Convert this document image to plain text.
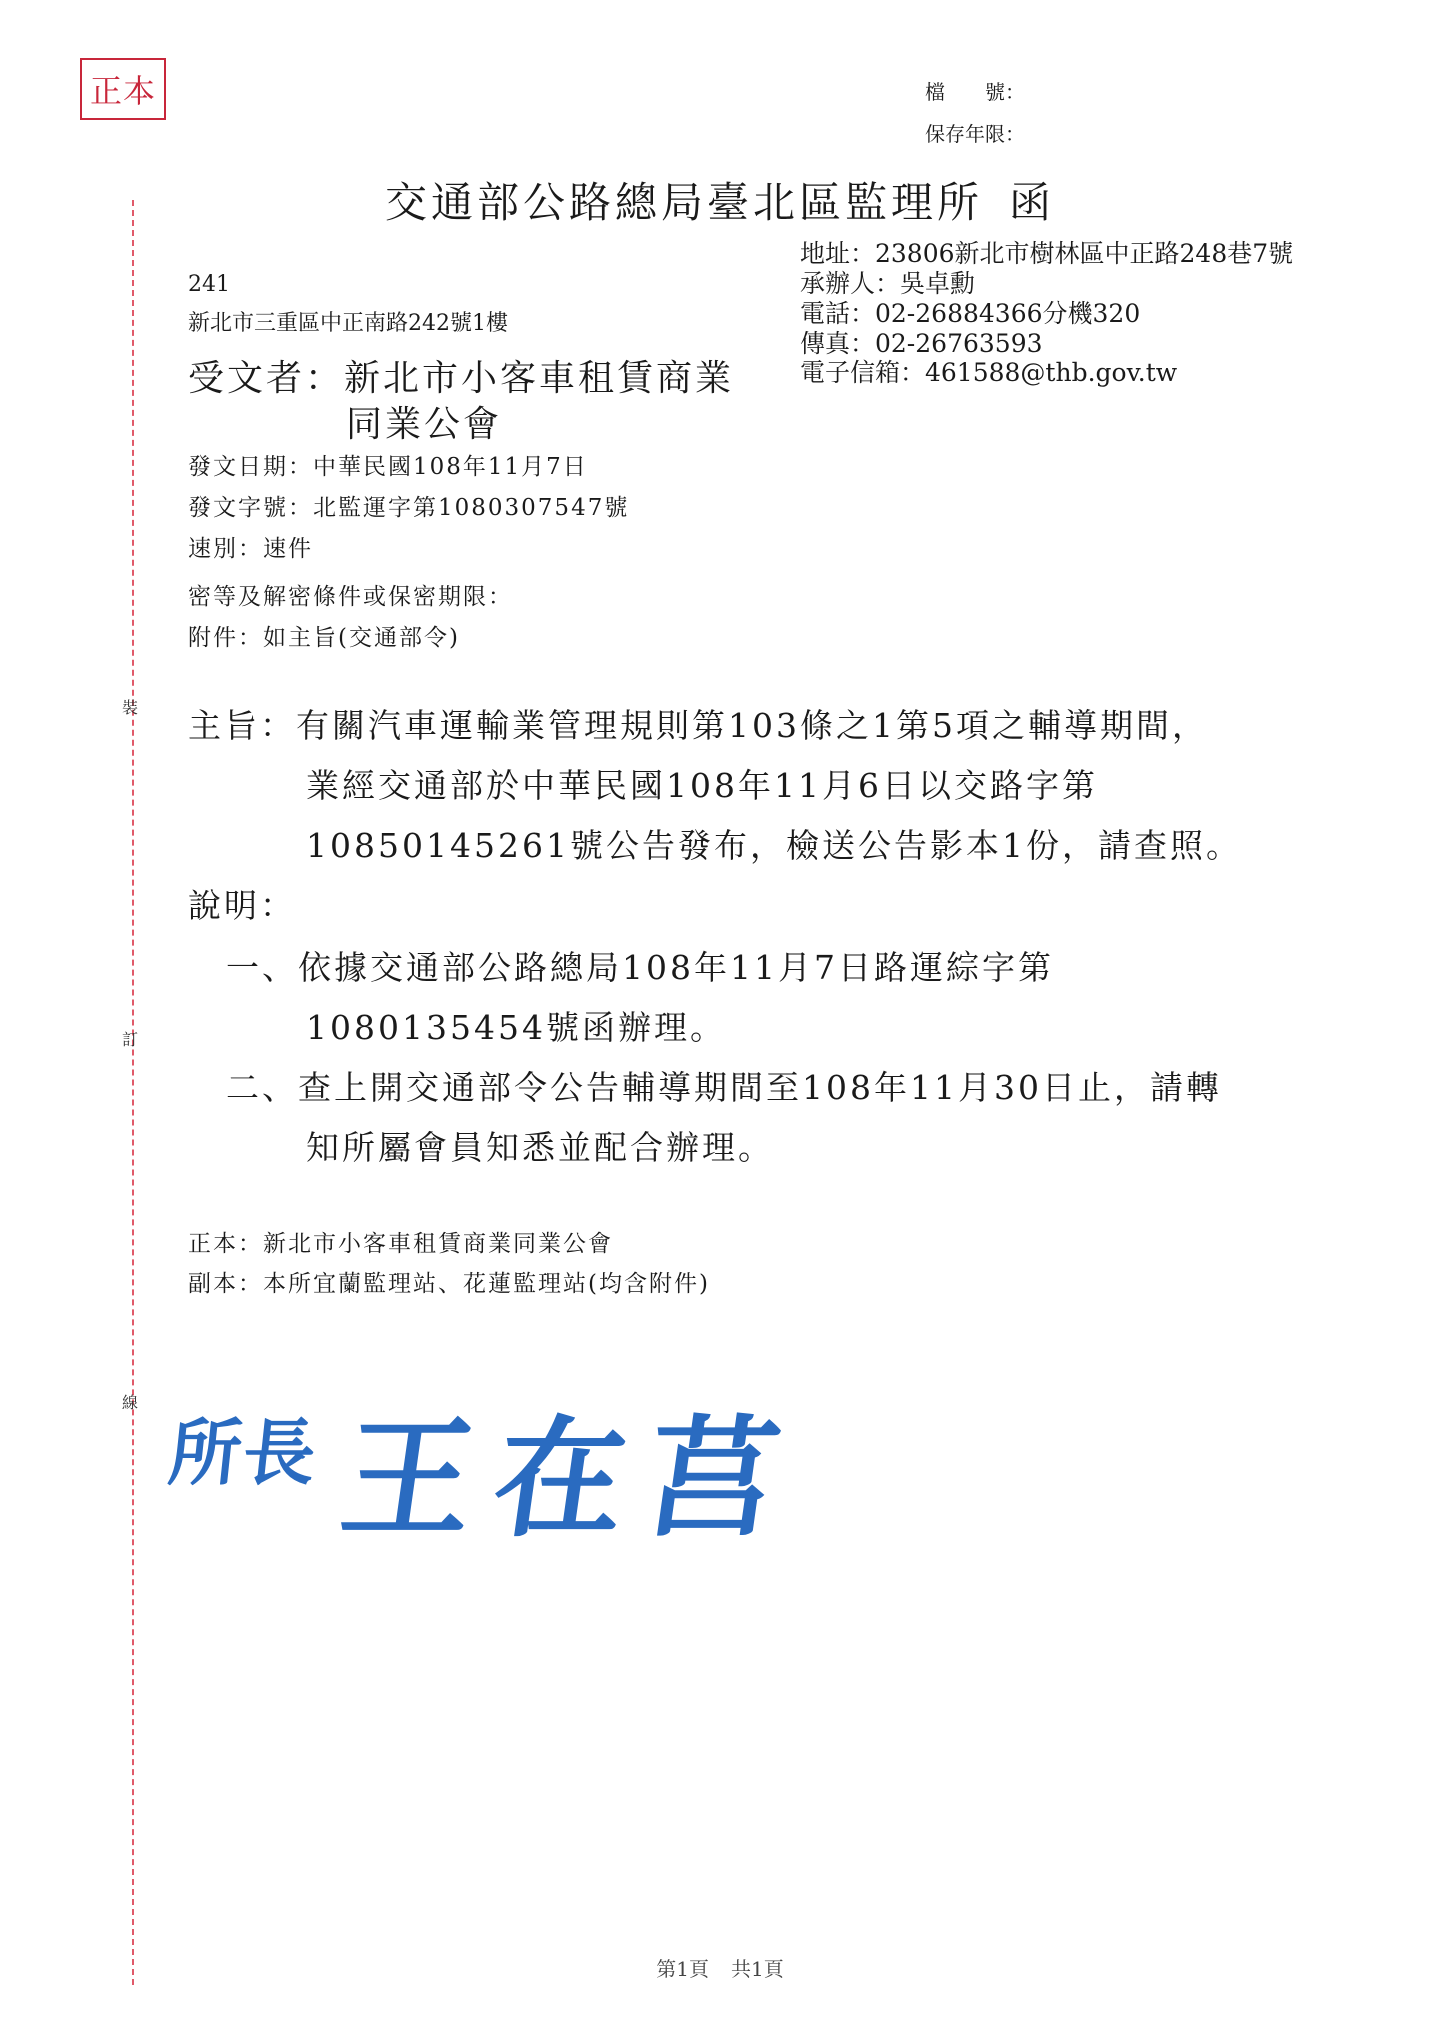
正本	檔　　號：
保存年限：
裝
訂
線
交通部公路總局臺北區監理所 函
地址：23806新北市樹林區中正路248巷7號
承辦人：吳卓勳
電話：02-26884366分機320
傳真：02-26763593
電子信箱：461588@thb.gov.tw
241
新北市三重區中正南路242號1樓
受文者：新北市小客車租賃商業
同業公會
發文日期：中華民國108年11月7日
發文字號：北監運字第1080307547號
速別：速件
密等及解密條件或保密期限：
附件：如主旨(交通部令)
主旨：有關汽車運輸業管理規則第103條之1第5項之輔導期間，
業經交通部於中華民國108年11月6日以交路字第
10850145261號公告發布，檢送公告影本1份，請查照。
說明：
一、依據交通部公路總局108年11月7日路運綜字第
1080135454號函辦理。
二、查上開交通部令公告輔導期間至108年11月30日止，請轉
知所屬會員知悉並配合辦理。
正本：新北市小客車租賃商業同業公會
副本：本所宜蘭監理站、花蓮監理站(均含附件)
所長 王在莒
第1頁 共1頁
